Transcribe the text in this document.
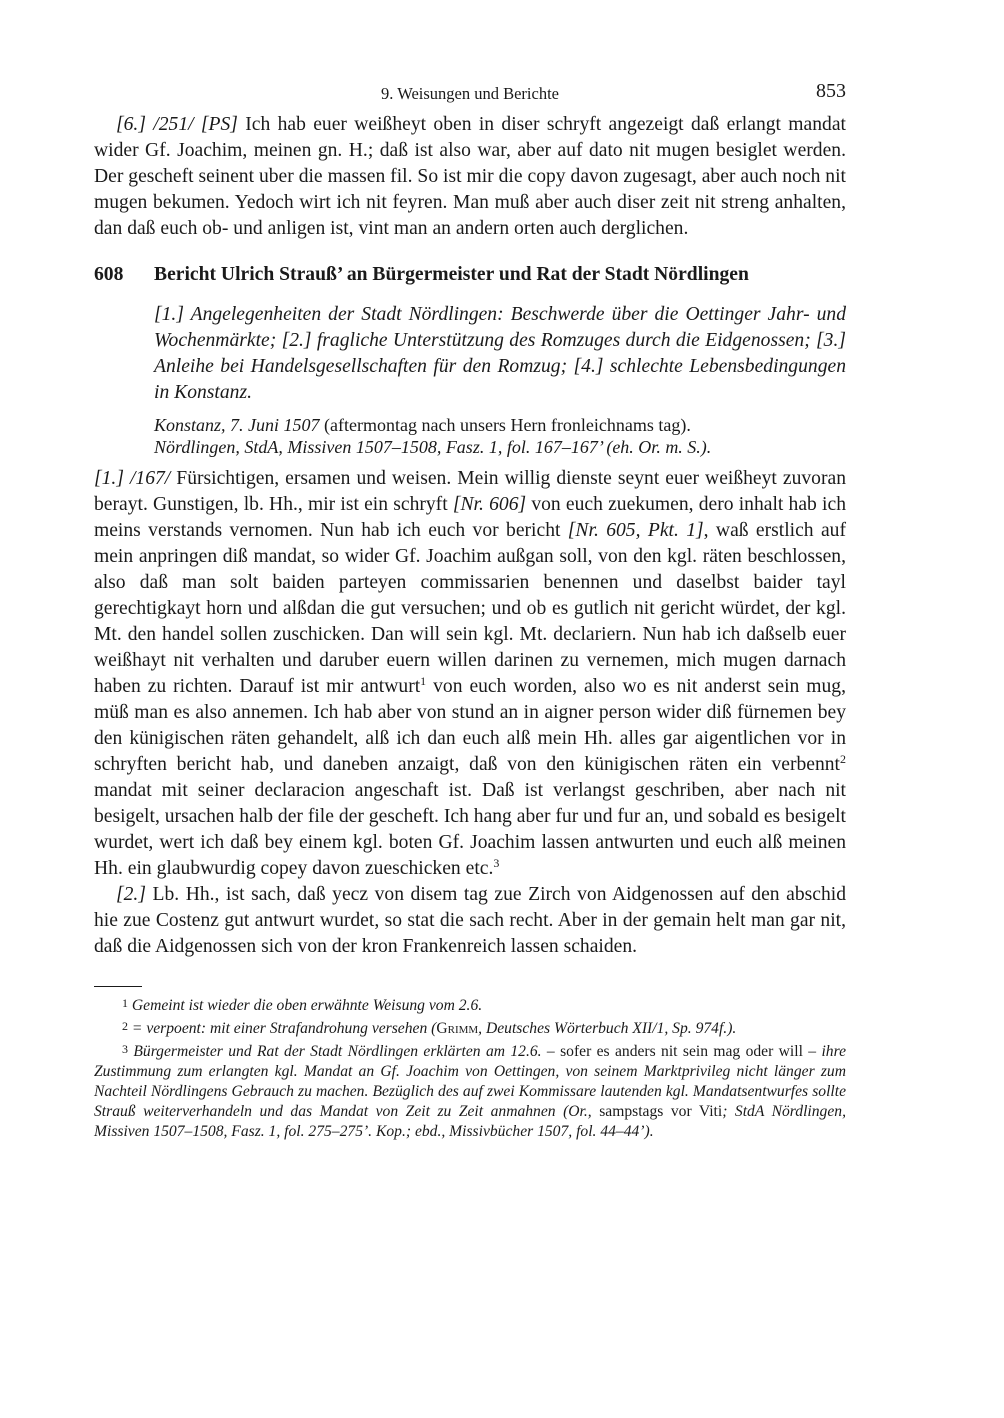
9. Weisungen und Berichte	853

[6.] /251/ [PS] Ich hab euer weißheyt oben in diser schryft angezeigt daß erlangt mandat wider Gf. Joachim, meinen gn. H.; daß ist also war, aber auf dato nit mugen besiglet werden. Der gescheft seinent uber die massen fil. So ist mir die copy davon zugesagt, aber auch noch nit mugen bekumen. Yedoch wirt ich nit feyren. Man muß aber auch diser zeit nit streng anhalten, dan daß euch ob- und anligen ist, vint man an andern orten auch derglichen.

608	Bericht Ulrich Strauß’ an Bürgermeister und Rat der Stadt Nördlingen
[1.] Angelegenheiten der Stadt Nördlingen: Beschwerde über die Oettinger Jahr- und Wochenmärkte; [2.] fragliche Unterstützung des Romzuges durch die Eidgenossen; [3.] Anleihe bei Handelsgesellschaften für den Romzug; [4.] schlechte Lebensbedingungen in Konstanz.
Konstanz, 7. Juni 1507 (aftermontag nach unsers Hern fronleichnams tag).
Nördlingen, StdA, Missiven 1507–1508, Fasz. 1, fol. 167–167’ (eh. Or. m. S.).

[1.] /167/ Fürsichtigen, ersamen und weisen. Mein willig dienste seynt euer weißheyt zuvoran berayt. Gunstigen, lb. Hh., mir ist ein schryft [Nr. 606] von euch zuekumen, dero inhalt hab ich meins verstands vernomen. Nun hab ich euch vor bericht [Nr. 605, Pkt. 1], waß erstlich auf mein anpringen diß mandat, so wider Gf. Joachim außgan soll, von den kgl. räten beschlossen, also daß man solt baiden parteyen commissarien benennen und daselbst baider tayl gerechtigkayt horn und alßdan die gut versuchen; und ob es gutlich nit gericht würdet, der kgl. Mt. den handel sollen zuschicken. Dan will sein kgl. Mt. declariern. Nun hab ich daßselb euer weißhayt nit verhalten und daruber euern willen darinen zu vernemen, mich mugen darnach haben zu richten. Darauf ist mir antwurt$^1$ von euch worden, also wo es nit anderst sein mug, müß man es also annemen. Ich hab aber von stund an in aigner person wider diß fürnemen bey den künigischen räten gehandelt, alß ich dan euch alß mein Hh. alles gar aigentlichen vor in schryften bericht hab, und daneben anzaigt, daß von den künigischen räten ein verbennt$^2$ mandat mit seiner declaracion angeschaft ist. Daß ist verlangst geschriben, aber nach nit besigelt, ursachen halb der file der gescheft. Ich hang aber fur und fur an, und sobald es besigelt wurdet, wert ich daß bey einem kgl. boten Gf. Joachim lassen antwurten und euch alß meinen Hh. ein glaubwurdig copey davon zueschicken etc.$^3$

[2.] Lb. Hh., ist sach, daß yecz von disem tag zue Zirch von Aidgenossen auf den abschid hie zue Costenz gut antwurt wurdet, so stat die sach recht. Aber in der gemain helt man gar nit, daß die Aidgenossen sich von der kron Frankenreich lassen schaiden.

1 Gemeint ist wieder die oben erwähnte Weisung vom 2.6.

2 = verpoent: mit einer Strafandrohung versehen (Grimm, Deutsches Wörterbuch XII/1, Sp. 974f.).

3 Bürgermeister und Rat der Stadt Nördlingen erklärten am 12.6. – sofer es anders nit sein mag oder will – ihre Zustimmung zum erlangten kgl. Mandat an Gf. Joachim von Oettingen, von seinem Marktprivileg nicht länger zum Nachteil Nördlingens Gebrauch zu machen. Bezüglich des auf zwei Kommissare lautenden kgl. Mandatsentwurfes sollte Strauß weiterverhandeln und das Mandat von Zeit zu Zeit anmahnen (Or., sampstags vor Viti; StdA Nördlingen, Missiven 1507–1508, Fasz. 1, fol. 275–275’. Kop.; ebd., Missivbücher 1507, fol. 44–44’).
